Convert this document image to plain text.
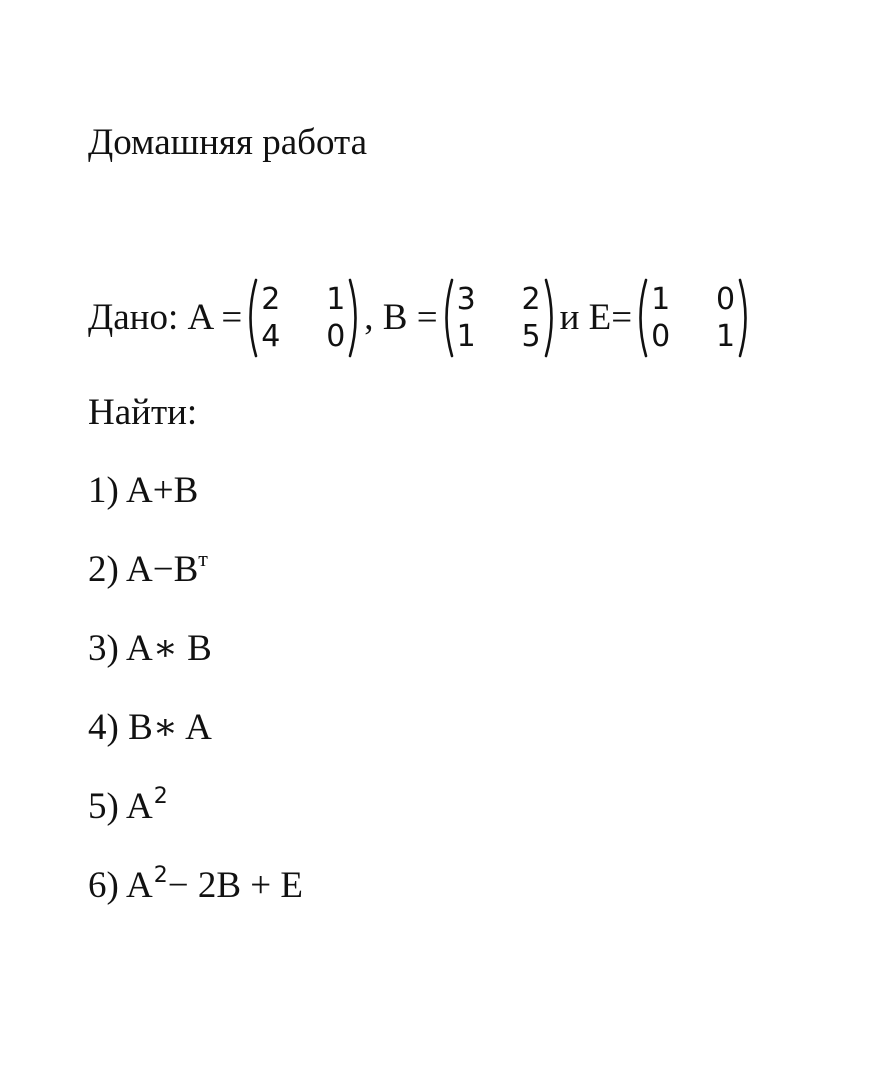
Домашняя работа
Дано: A = 2	1
4	0 , B = 3	2
1	5 и E= 1	0
0	1
Найти:
1) A+B
2) $A-B^т$
3) A∗ B
4) B∗ A
5) $A^2$
6) $A^2- 2B + E$
